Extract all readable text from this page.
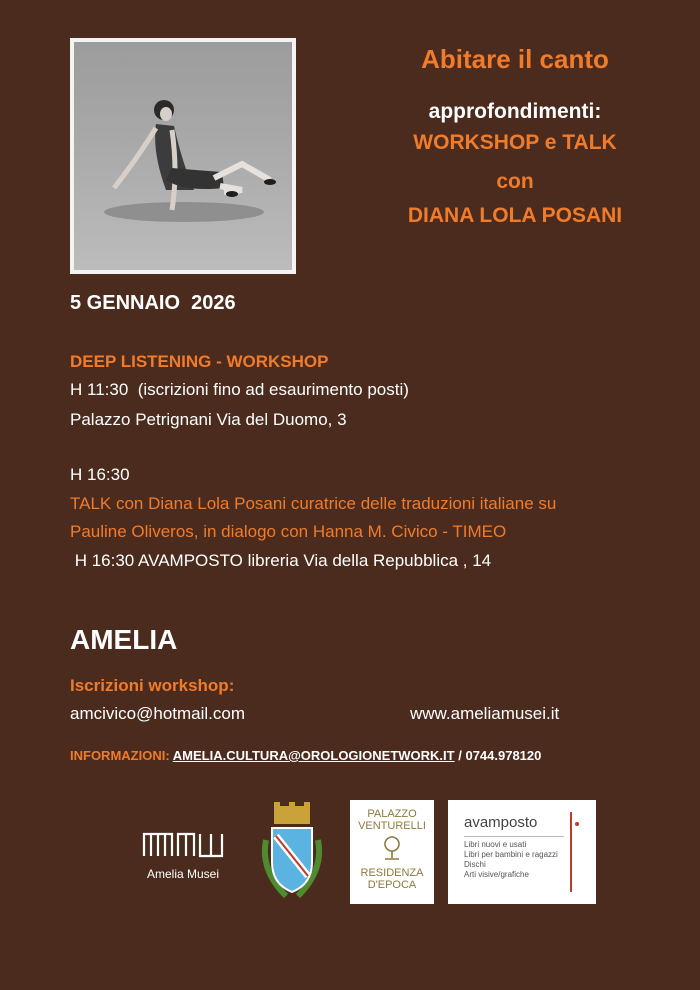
Abitare il canto
approfondimenti:
WORKSHOP e TALK
con
DIANA LOLA POSANI
5 GENNAIO  2026
DEEP LISTENING - WORKSHOP
H 11:30  (iscrizioni fino ad esaurimento posti)
Palazzo Petrignani Via del Duomo, 3
H 16:30
TALK con Diana Lola Posani curatrice delle traduzioni italiane su
Pauline Oliveros, in dialogo con Hanna M. Civico - TIMEO
H 16:30 AVAMPOSTO libreria Via della Repubblica , 14
AMELIA
Iscrizioni workshop:
amcivico@hotmail.com	www.ameliamusei.it
INFORMAZIONI: AMELIA.CULTURA@OROLOGIONETWORK.IT / 0744.978120
Amelia Musei
PALAZZO
VENTURELLI
RESIDENZA
D'EPOCA
avamposto
Libri nuovi e usati
Libri per bambini e ragazzi
Dischi
Arti visive/grafiche
